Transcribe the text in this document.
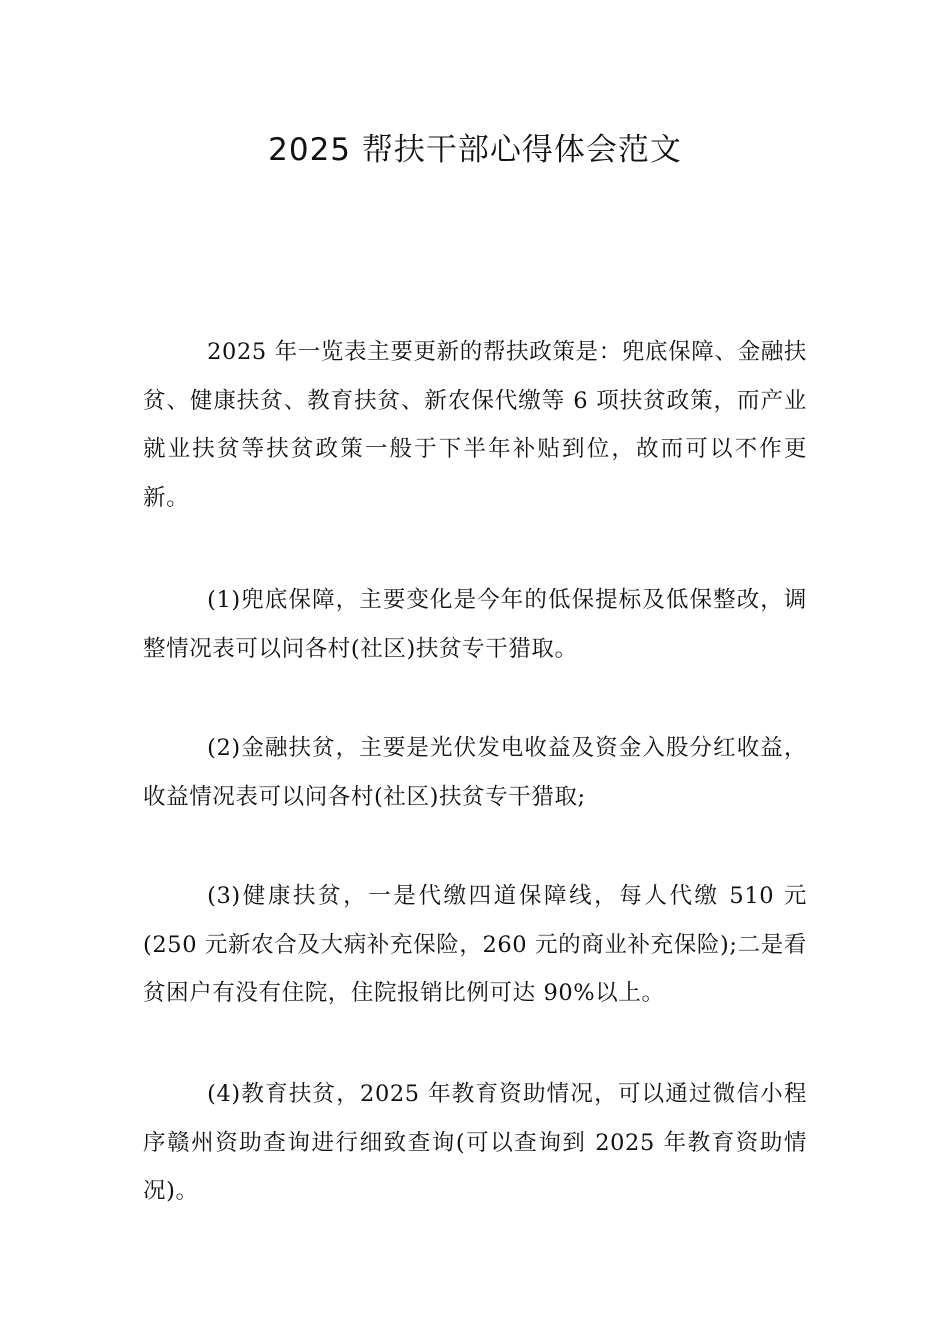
2025 帮扶干部心得体会范文

2025 年一览表主要更新的帮扶政策是：兜底保障、金融扶贫、健康扶贫、教育扶贫、新农保代缴等 6 项扶贫政策，而产业就业扶贫等扶贫政策一般于下半年补贴到位，故而可以不作更新。

(1)兜底保障，主要变化是今年的低保提标及低保整改，调整情况表可以问各村(社区)扶贫专干猎取。

(2)金融扶贫，主要是光伏发电收益及资金入股分红收益，收益情况表可以问各村(社区)扶贫专干猎取;

(3)健康扶贫，一是代缴四道保障线，每人代缴 510 元(250 元新农合及大病补充保险，260 元的商业补充保险);二是看贫困户有没有住院，住院报销比例可达 90%以上。

(4)教育扶贫，2025 年教育资助情况，可以通过微信小程序赣州资助查询进行细致查询(可以查询到 2025 年教育资助情况)。
